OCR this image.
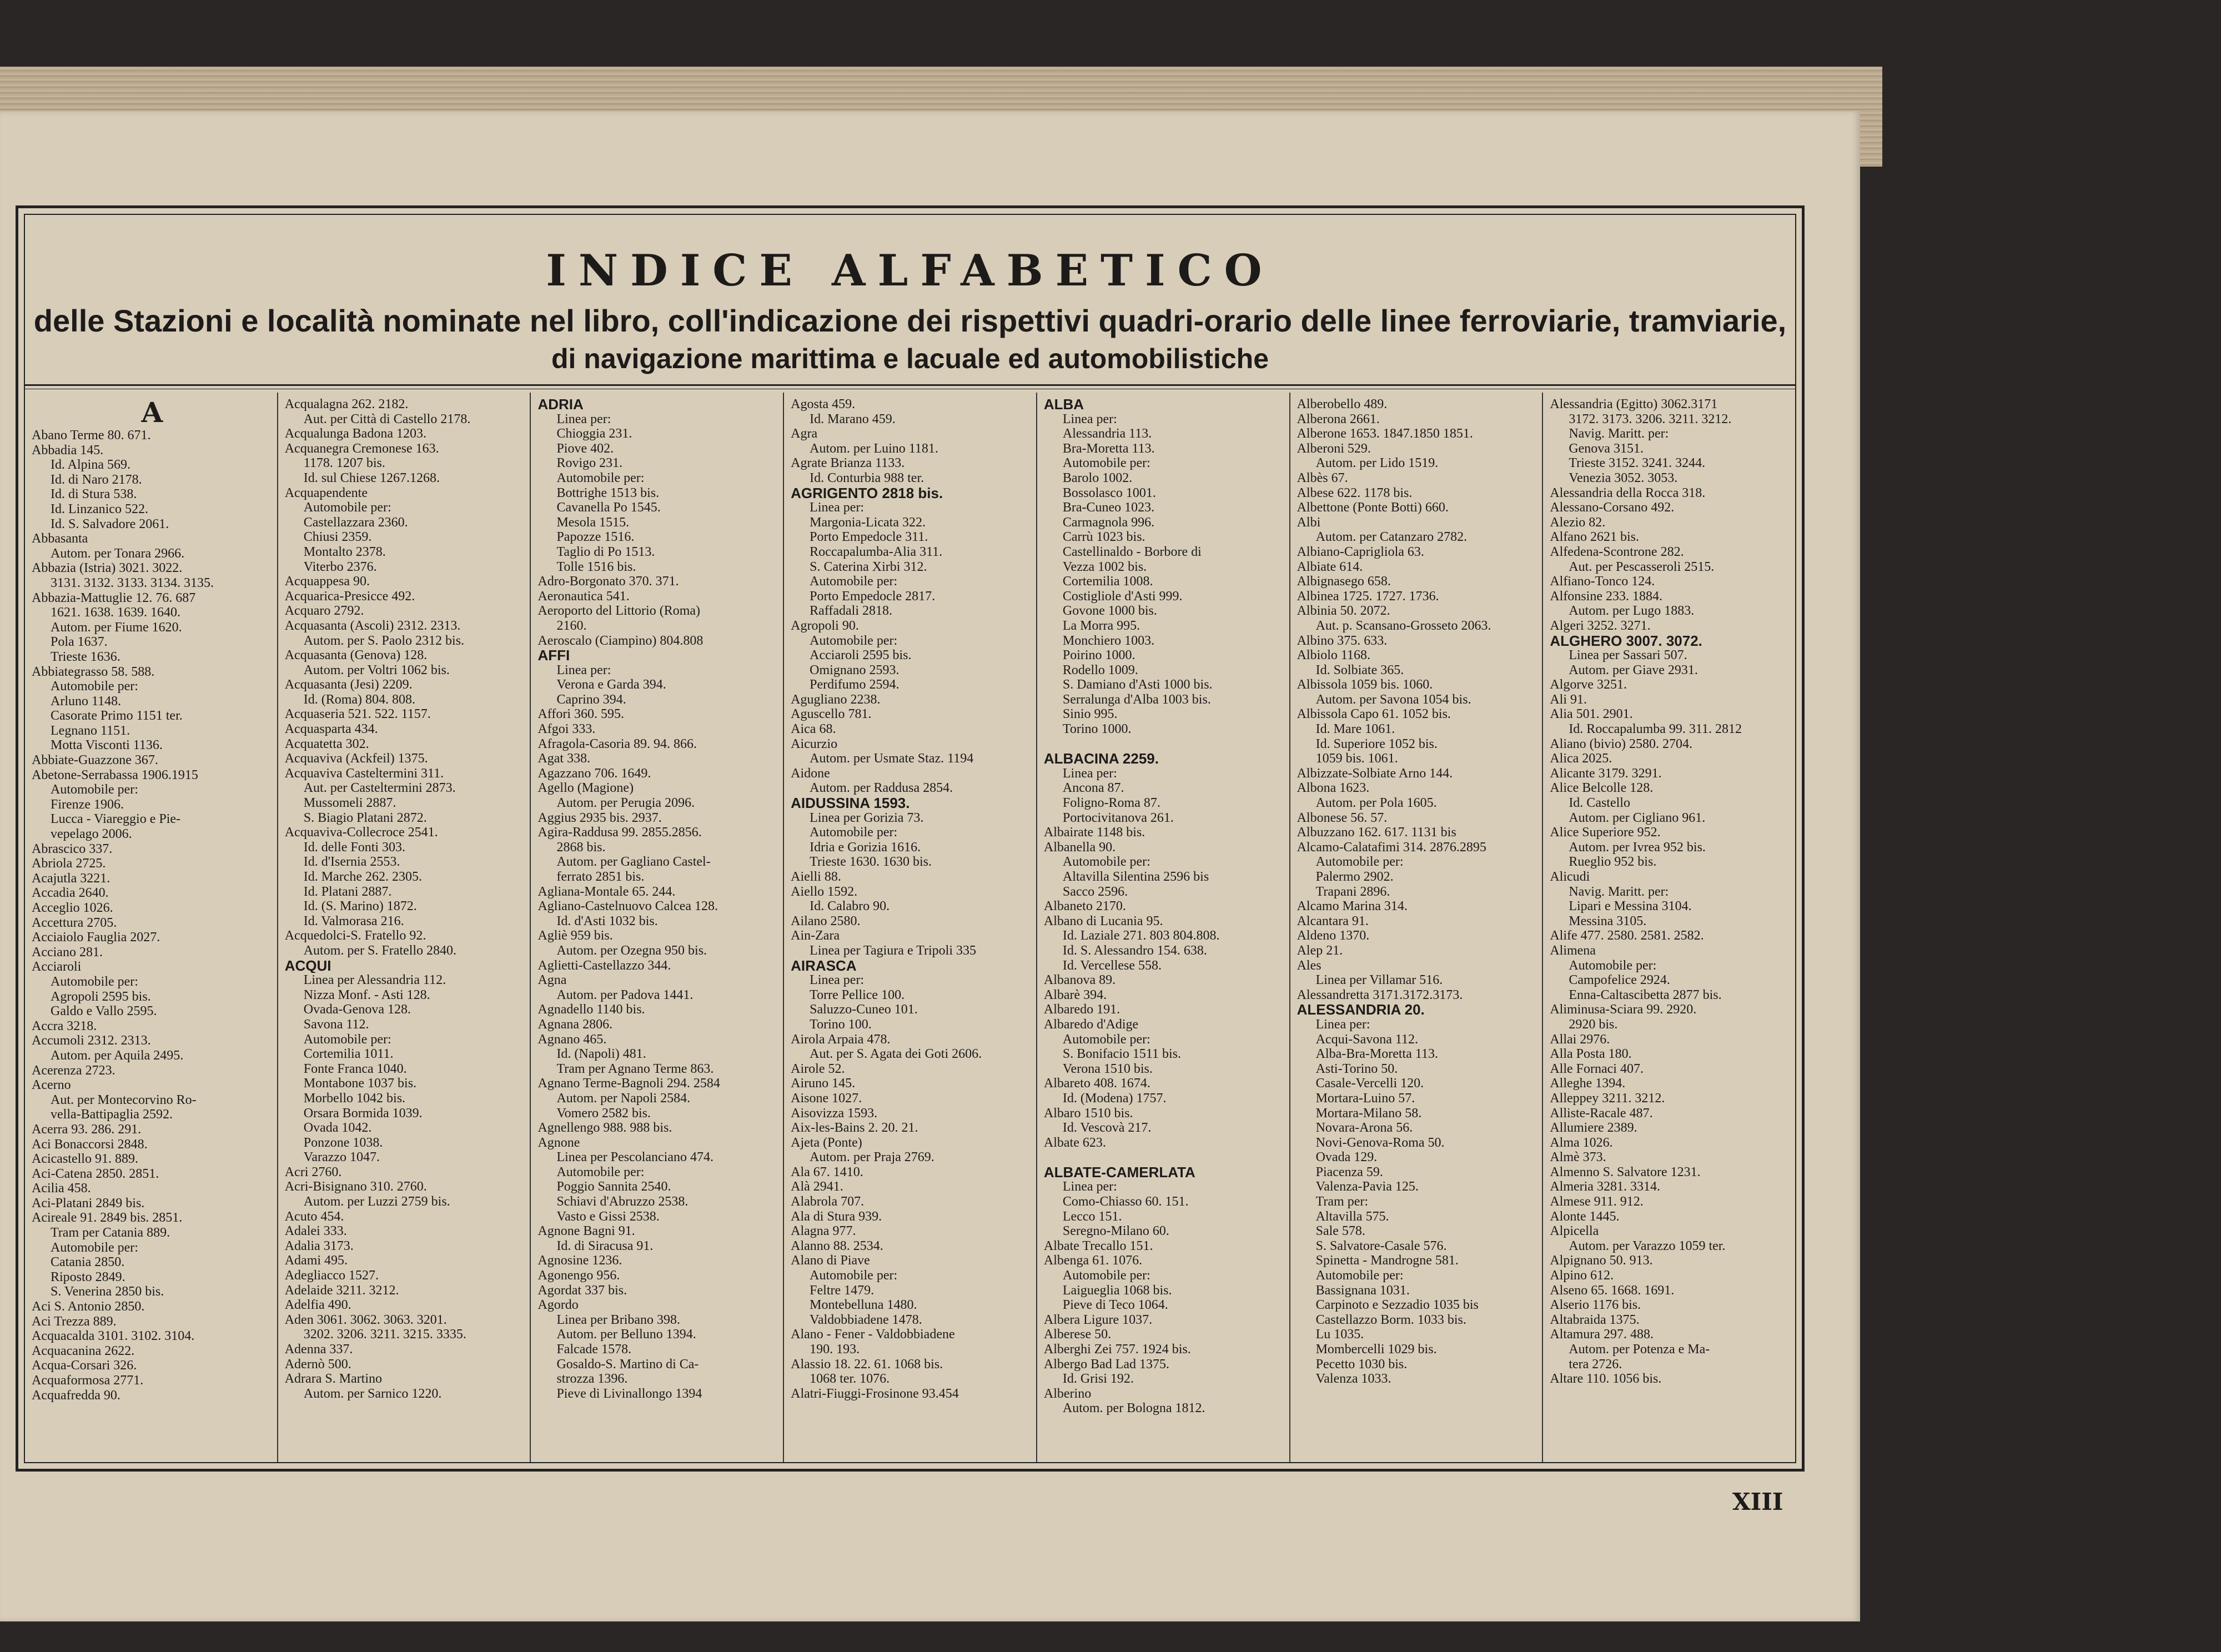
INDICE ALFABETICO
delle Stazioni e località nominate nel libro, coll'indicazione dei rispettivi quadri-orario delle linee ferroviarie, tramviarie,
di navigazione marittima e lacuale ed automobilistiche
A
Abano Terme 80. 671.
Abbadia 145.
Id. Alpina 569.
Id. di Naro 2178.
Id. di Stura 538.
Id. Linzanico 522.
Id. S. Salvadore 2061.
Abbasanta
Autom. per Tonara 2966.
Abbazia (Istria) 3021. 3022.
3131. 3132. 3133. 3134. 3135.
Abbazia-Mattuglie 12. 76. 687
1621. 1638. 1639. 1640.
Autom. per Fiume 1620.
Pola 1637.
Trieste 1636.
Abbiategrasso 58. 588.
Automobile per:
Arluno 1148.
Casorate Primo 1151 ter.
Legnano 1151.
Motta Visconti 1136.
Abbiate-Guazzone 367.
Abetone-Serrabassa 1906.1915
Automobile per:
Firenze 1906.
Lucca - Viareggio e Pie-
vepelago 2006.
Abrascico 337.
Abriola 2725.
Acajutla 3221.
Accadia 2640.
Acceglio 1026.
Accettura 2705.
Acciaiolo Fauglia 2027.
Acciano 281.
Acciaroli
Automobile per:
Agropoli 2595 bis.
Galdo e Vallo 2595.
Accra 3218.
Accumoli 2312. 2313.
Autom. per Aquila 2495.
Acerenza 2723.
Acerno
Aut. per Montecorvino Ro-
vella-Battipaglia 2592.
Acerra 93. 286. 291.
Aci Bonaccorsi 2848.
Acicastello 91. 889.
Aci-Catena 2850. 2851.
Acilia 458.
Aci-Platani 2849 bis.
Acireale 91. 2849 bis. 2851.
Tram per Catania 889.
Automobile per:
Catania 2850.
Riposto 2849.
S. Venerina 2850 bis.
Aci S. Antonio 2850.
Aci Trezza 889.
Acquacalda 3101. 3102. 3104.
Acquacanina 2622.
Acqua-Corsari 326.
Acquaformosa 2771.
Acquafredda 90.
Acqualagna 262. 2182.
Aut. per Città di Castello 2178.
Acqualunga Badona 1203.
Acquanegra Cremonese 163.
1178. 1207 bis.
Id. sul Chiese 1267.1268.
Acquapendente
Automobile per:
Castellazzara 2360.
Chiusi 2359.
Montalto 2378.
Viterbo 2376.
Acquappesa 90.
Acquarica-Presicce 492.
Acquaro 2792.
Acquasanta (Ascoli) 2312. 2313.
Autom. per S. Paolo 2312 bis.
Acquasanta (Genova) 128.
Autom. per Voltri 1062 bis.
Acquasanta (Jesi) 2209.
Id. (Roma) 804. 808.
Acquaseria 521. 522. 1157.
Acquasparta 434.
Acquatetta 302.
Acquaviva (Ackfeil) 1375.
Acquaviva Casteltermini 311.
Aut. per Casteltermini 2873.
Mussomeli 2887.
S. Biagio Platani 2872.
Acquaviva-Collecroce 2541.
Id. delle Fonti 303.
Id. d'Isernia 2553.
Id. Marche 262. 2305.
Id. Platani 2887.
Id. (S. Marino) 1872.
Id. Valmorasa 216.
Acquedolci-S. Fratello 92.
Autom. per S. Fratello 2840.
ACQUI
Linea per Alessandria 112.
Nizza Monf. - Asti 128.
Ovada-Genova 128.
Savona 112.
Automobile per:
Cortemilia 1011.
Fonte Franca 1040.
Montabone 1037 bis.
Morbello 1042 bis.
Orsara Bormida 1039.
Ovada 1042.
Ponzone 1038.
Varazzo 1047.
Acri 2760.
Acri-Bisignano 310. 2760.
Autom. per Luzzi 2759 bis.
Acuto 454.
Adalei 333.
Adalia 3173.
Adami 495.
Adegliacco 1527.
Adelaide 3211. 3212.
Adelfia 490.
Aden 3061. 3062. 3063. 3201.
3202. 3206. 3211. 3215. 3335.
Adenna 337.
Adernò 500.
Adrara S. Martino
Autom. per Sarnico 1220.
ADRIA
Linea per:
Chioggia 231.
Piove 402.
Rovigo 231.
Automobile per:
Bottrighe 1513 bis.
Cavanella Po 1545.
Mesola 1515.
Papozze 1516.
Taglio di Po 1513.
Tolle 1516 bis.
Adro-Borgonato 370. 371.
Aeronautica 541.
Aeroporto del Littorio (Roma)
2160.
Aeroscalo (Ciampino) 804.808
AFFI
Linea per:
Verona e Garda 394.
Caprino 394.
Affori 360. 595.
Afgoi 333.
Afragola-Casoria 89. 94. 866.
Agat 338.
Agazzano 706. 1649.
Agello (Magione)
Autom. per Perugia 2096.
Aggius 2935 bis. 2937.
Agira-Raddusa 99. 2855.2856.
2868 bis.
Autom. per Gagliano Castel-
ferrato 2851 bis.
Agliana-Montale 65. 244.
Agliano-Castelnuovo Calcea 128.
Id. d'Asti 1032 bis.
Agliè 959 bis.
Autom. per Ozegna 950 bis.
Aglietti-Castellazzo 344.
Agna
Autom. per Padova 1441.
Agnadello 1140 bis.
Agnana 2806.
Agnano 465.
Id. (Napoli) 481.
Tram per Agnano Terme 863.
Agnano Terme-Bagnoli 294. 2584
Autom. per Napoli 2584.
Vomero 2582 bis.
Agnellengo 988. 988 bis.
Agnone
Linea per Pescolanciano 474.
Automobile per:
Poggio Sannita 2540.
Schiavi d'Abruzzo 2538.
Vasto e Gissi 2538.
Agnone Bagni 91.
Id. di Siracusa 91.
Agnosine 1236.
Agonengo 956.
Agordat 337 bis.
Agordo
Linea per Bribano 398.
Autom. per Belluno 1394.
Falcade 1578.
Gosaldo-S. Martino di Ca-
strozza 1396.
Pieve di Livinallongo 1394
Agosta 459.
Id. Marano 459.
Agra
Autom. per Luino 1181.
Agrate Brianza 1133.
Id. Conturbia 988 ter.
AGRIGENTO 2818 bis.
Linea per:
Margonia-Licata 322.
Porto Empedocle 311.
Roccapalumba-Alia 311.
S. Caterina Xirbi 312.
Automobile per:
Porto Empedocle 2817.
Raffadali 2818.
Agropoli 90.
Automobile per:
Acciaroli 2595 bis.
Omignano 2593.
Perdifumo 2594.
Agugliano 2238.
Aguscello 781.
Aica 68.
Aicurzio
Autom. per Usmate Staz. 1194
Aidone
Autom. per Raddusa 2854.
AIDUSSINA 1593.
Linea per Gorizia 73.
Automobile per:
Idria e Gorizia 1616.
Trieste 1630. 1630 bis.
Aielli 88.
Aiello 1592.
Id. Calabro 90.
Ailano 2580.
Ain-Zara
Linea per Tagiura e Tripoli 335
AIRASCA
Linea per:
Torre Pellice 100.
Saluzzo-Cuneo 101.
Torino 100.
Airola Arpaia 478.
Aut. per S. Agata dei Goti 2606.
Airole 52.
Airuno 145.
Aisone 1027.
Aisovizza 1593.
Aix-les-Bains 2. 20. 21.
Ajeta (Ponte)
Autom. per Praja 2769.
Ala 67. 1410.
Alà 2941.
Alabrola 707.
Ala di Stura 939.
Alagna 977.
Alanno 88. 2534.
Alano di Piave
Automobile per:
Feltre 1479.
Montebelluna 1480.
Valdobbiadene 1478.
Alano - Fener - Valdobbiadene
190. 193.
Alassio 18. 22. 61. 1068 bis.
1068 ter. 1076.
Alatri-Fiuggi-Frosinone 93.454
ALBA
Linea per:
Alessandria 113.
Bra-Moretta 113.
Automobile per:
Barolo 1002.
Bossolasco 1001.
Bra-Cuneo 1023.
Carmagnola 996.
Carrù 1023 bis.
Castellinaldo - Borbore di
Vezza 1002 bis.
Cortemilia 1008.
Costigliole d'Asti 999.
Govone 1000 bis.
La Morra 995.
Monchiero 1003.
Poirino 1000.
Rodello 1009.
S. Damiano d'Asti 1000 bis.
Serralunga d'Alba 1003 bis.
Sinio 995.
Torino 1000.

ALBACINA 2259.
Linea per:
Ancona 87.
Foligno-Roma 87.
Portocivitanova 261.
Albairate 1148 bis.
Albanella 90.
Automobile per:
Altavilla Silentina 2596 bis
Sacco 2596.
Albaneto 2170.
Albano di Lucania 95.
Id. Laziale 271. 803 804.808.
Id. S. Alessandro 154. 638.
Id. Vercellese 558.
Albanova 89.
Albarè 394.
Albaredo 191.
Albaredo d'Adige
Automobile per:
S. Bonifacio 1511 bis.
Verona 1510 bis.
Albareto 408. 1674.
Id. (Modena) 1757.
Albaro 1510 bis.
Id. Vescovà 217.
Albate 623.

ALBATE-CAMERLATA
Linea per:
Como-Chiasso 60. 151.
Lecco 151.
Seregno-Milano 60.
Albate Trecallo 151.
Albenga 61. 1076.
Automobile per:
Laigueglia 1068 bis.
Pieve di Teco 1064.
Albera Ligure 1037.
Alberese 50.
Alberghi Zei 757. 1924 bis.
Albergo Bad Lad 1375.
Id. Grisi 192.
Alberino
Autom. per Bologna 1812.
Alberobello 489.
Alberona 2661.
Alberone 1653. 1847.1850 1851.
Alberoni 529.
Autom. per Lido 1519.
Albès 67.
Albese 622. 1178 bis.
Albettone (Ponte Botti) 660.
Albi
Autom. per Catanzaro 2782.
Albiano-Caprigliola 63.
Albiate 614.
Albignasego 658.
Albinea 1725. 1727. 1736.
Albinia 50. 2072.
Aut. p. Scansano-Grosseto 2063.
Albino 375. 633.
Albiolo 1168.
Id. Solbiate 365.
Albissola 1059 bis. 1060.
Autom. per Savona 1054 bis.
Albissola Capo 61. 1052 bis.
Id. Mare 1061.
Id. Superiore 1052 bis.
1059 bis. 1061.
Albizzate-Solbiate Arno 144.
Albona 1623.
Autom. per Pola 1605.
Albonese 56. 57.
Albuzzano 162. 617. 1131 bis
Alcamo-Calatafimi 314. 2876.2895
Automobile per:
Palermo 2902.
Trapani 2896.
Alcamo Marina 314.
Alcantara 91.
Aldeno 1370.
Alep 21.
Ales
Linea per Villamar 516.
Alessandretta 3171.3172.3173.
ALESSANDRIA 20.
Linea per:
Acqui-Savona 112.
Alba-Bra-Moretta 113.
Asti-Torino 50.
Casale-Vercelli 120.
Mortara-Luino 57.
Mortara-Milano 58.
Novara-Arona 56.
Novi-Genova-Roma 50.
Ovada 129.
Piacenza 59.
Valenza-Pavia 125.
Tram per:
Altavilla 575.
Sale 578.
S. Salvatore-Casale 576.
Spinetta - Mandrogne 581.
Automobile per:
Bassignana 1031.
Carpinoto e Sezzadio 1035 bis
Castellazzo Borm. 1033 bis.
Lu 1035.
Mombercelli 1029 bis.
Pecetto 1030 bis.
Valenza 1033.
Alessandria (Egitto) 3062.3171
3172. 3173. 3206. 3211. 3212.
Navig. Maritt. per:
Genova 3151.
Trieste 3152. 3241. 3244.
Venezia 3052. 3053.
Alessandria della Rocca 318.
Alessano-Corsano 492.
Alezio 82.
Alfano 2621 bis.
Alfedena-Scontrone 282.
Aut. per Pescasseroli 2515.
Alfiano-Tonco 124.
Alfonsine 233. 1884.
Autom. per Lugo 1883.
Algeri 3252. 3271.
ALGHERO 3007. 3072.
Linea per Sassari 507.
Autom. per Giave 2931.
Algorve 3251.
Ali 91.
Alia 501. 2901.
Id. Roccapalumba 99. 311. 2812
Aliano (bivio) 2580. 2704.
Alica 2025.
Alicante 3179. 3291.
Alice Belcolle 128.
Id. Castello
Autom. per Cigliano 961.
Alice Superiore 952.
Autom. per Ivrea 952 bis.
Rueglio 952 bis.
Alicudi
Navig. Maritt. per:
Lipari e Messina 3104.
Messina 3105.
Alife 477. 2580. 2581. 2582.
Alimena
Automobile per:
Campofelice 2924.
Enna-Caltascibetta 2877 bis.
Aliminusa-Sciara 99. 2920.
2920 bis.
Allai 2976.
Alla Posta 180.
Alle Fornaci 407.
Alleghe 1394.
Alleppey 3211. 3212.
Alliste-Racale 487.
Allumiere 2389.
Alma 1026.
Almè 373.
Almenno S. Salvatore 1231.
Almeria 3281. 3314.
Almese 911. 912.
Alonte 1445.
Alpicella
Autom. per Varazzo 1059 ter.
Alpignano 50. 913.
Alpino 612.
Alseno 65. 1668. 1691.
Alserio 1176 bis.
Altabraida 1375.
Altamura 297. 488.
Autom. per Potenza e Ma-
tera 2726.
Altare 110. 1056 bis.
XIII
